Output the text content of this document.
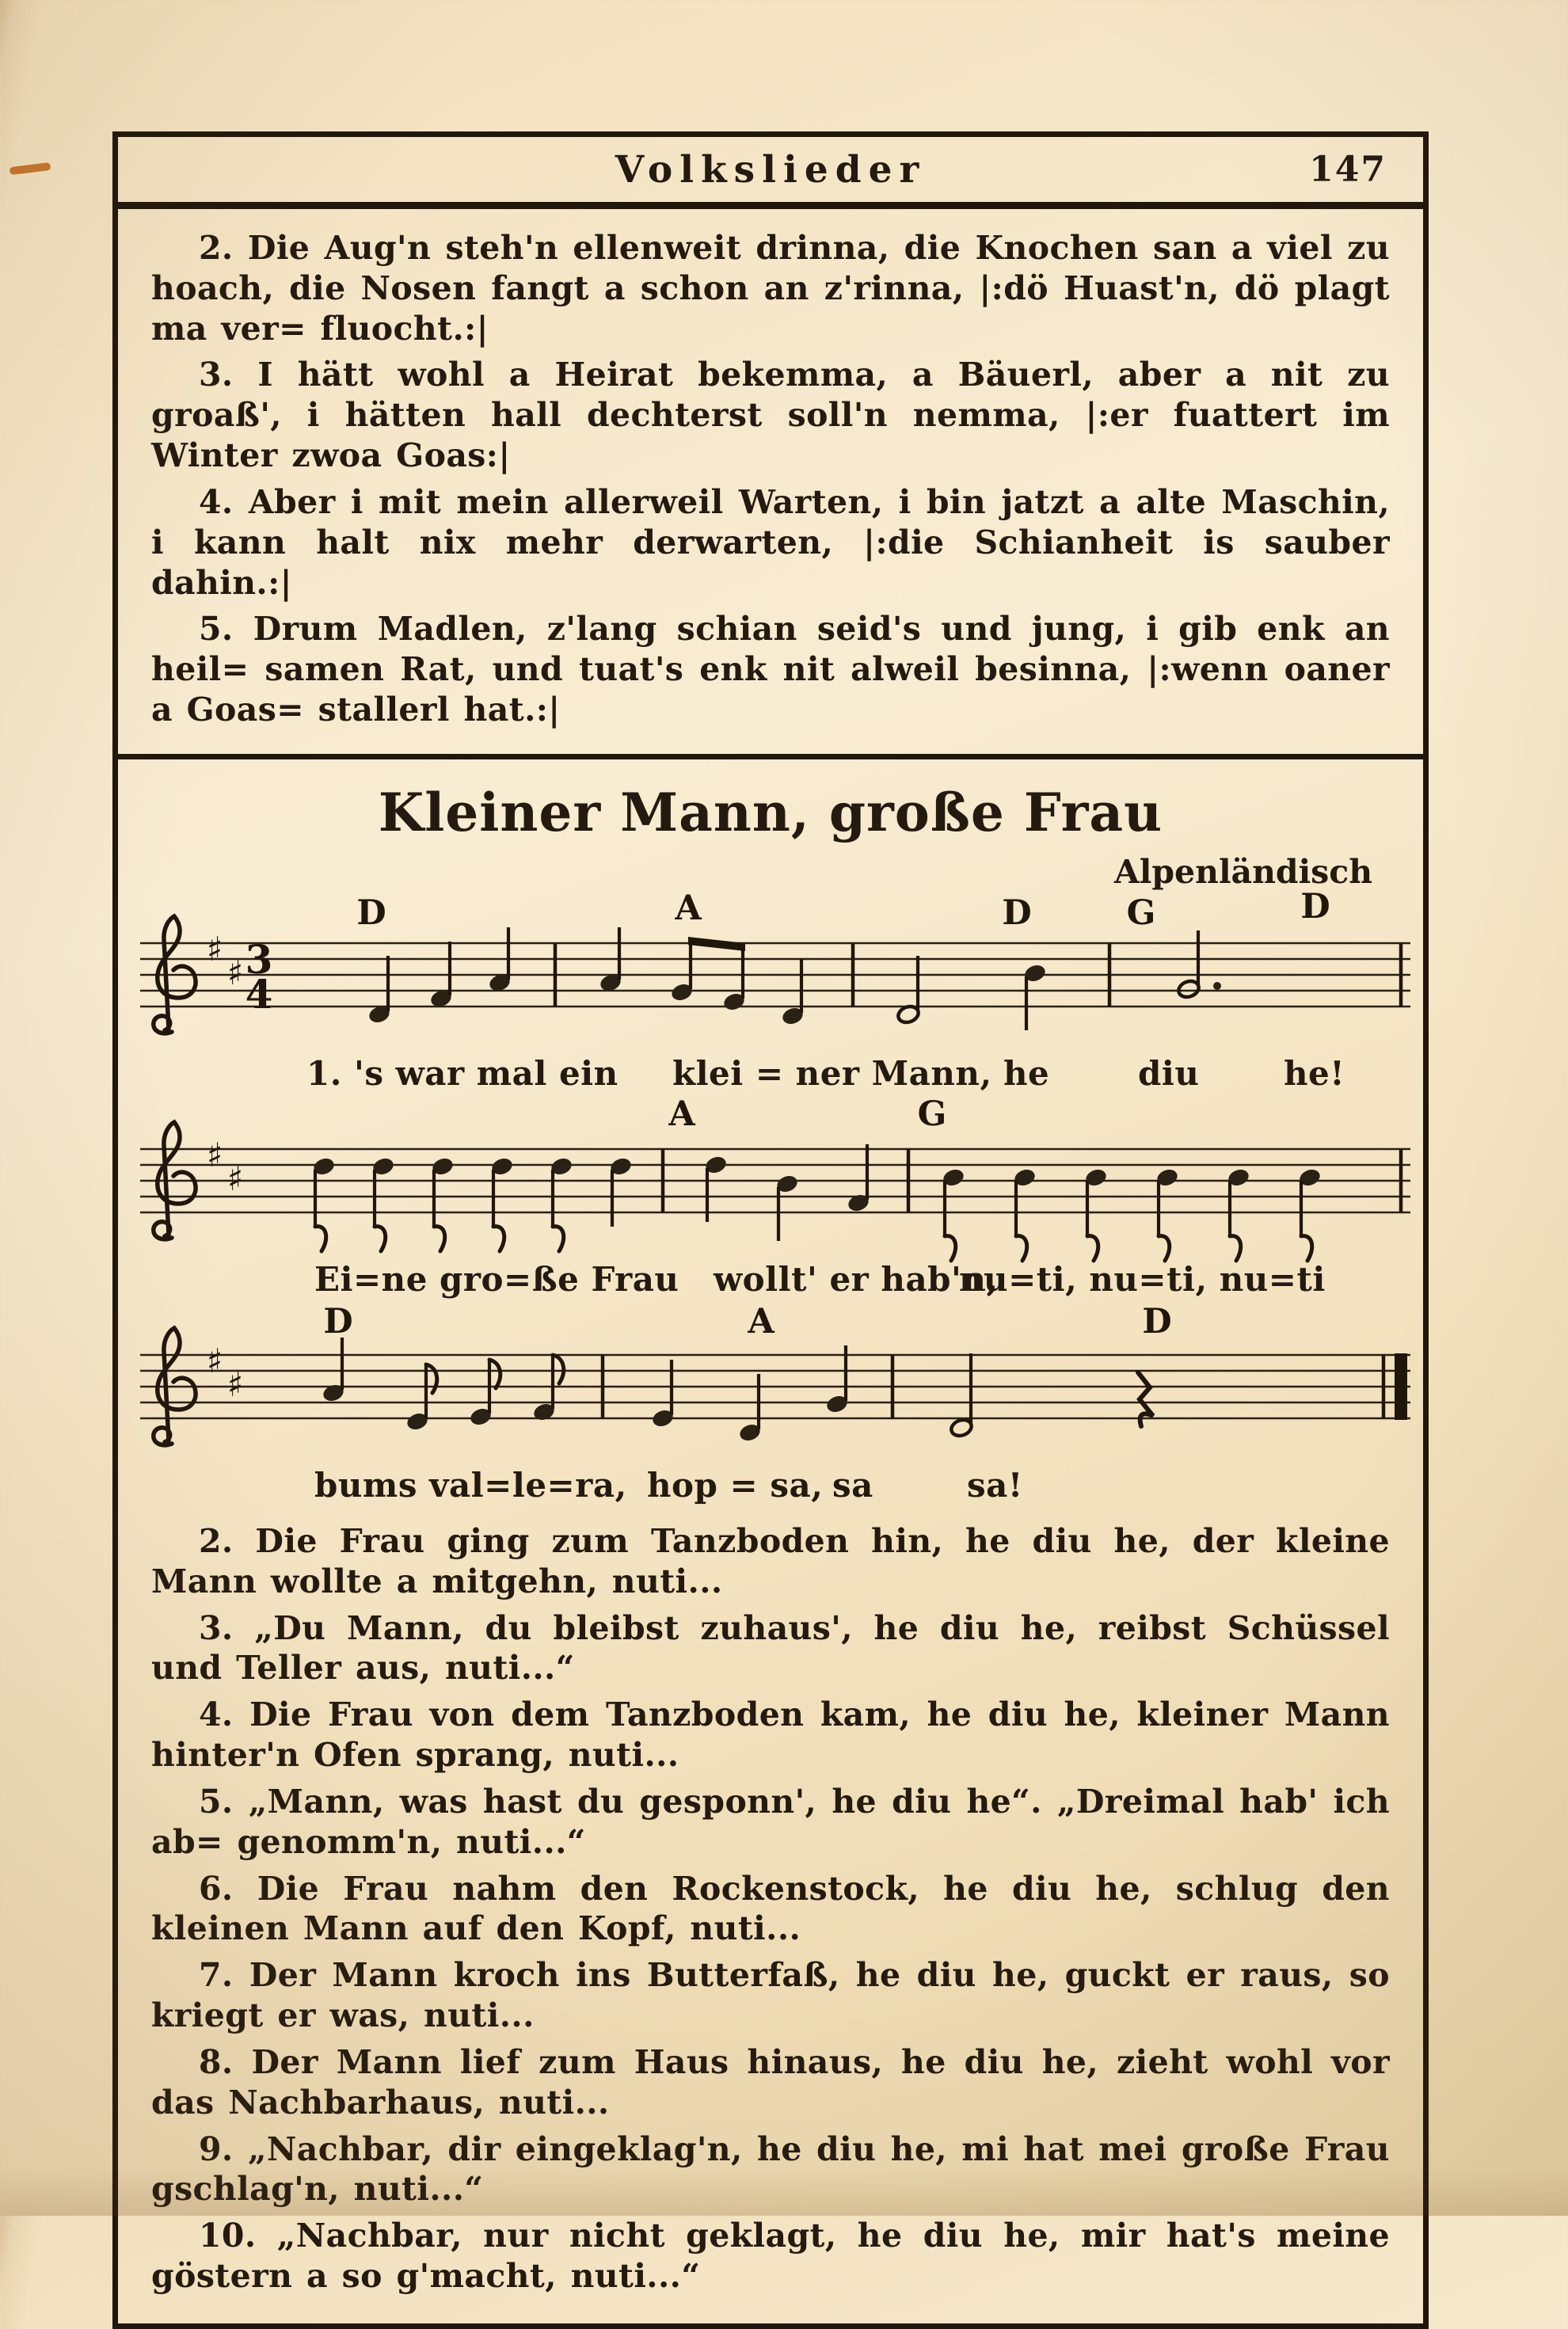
Volkslieder	147

2. Die Aug'n steh'n ellenweit drinna, die Knochen san a viel zu hoach, die Nosen fangt a schon an z'rinna, |:dö Huast'n, dö plagt ma ver= fluocht.:|

3. I hätt wohl a Heirat bekemma, a Bäuerl, aber a nit zu groaß', i hätten hall dechterst soll'n nemma, |:er fuattert im Winter zwoa Goas:|

4. Aber i mit mein allerweil Warten, i bin jatzt a alte Maschin, i kann halt nix mehr derwarten, |:die Schianheit is sauber dahin.:|

5. Drum Madlen, z'lang schian seid's und jung, i gib enk an heil= samen Rat, und tuat's enk nit alweil besinna, |:wenn oaner a Goas= stallerl hat.:|

Kleiner Mann, große Frau
Alpenländisch
♯
♯ 3
4
D	A	D	G	D
1. 's war mal ein klei = ner Mann, he	diu	he!
♯
♯
A	G
Ei=ne gro=ße Frau wollt' er hab'n,
nu=ti, nu=ti, nu=ti
♯
♯
D	A	D
bums val=le=ra, hop = sa, sa	sa!

2. Die Frau ging zum Tanzboden hin, he diu he, der kleine Mann wollte a mitgehn, nuti...

3. „Du Mann, du bleibst zuhaus', he diu he, reibst Schüssel und Teller aus, nuti...“

4. Die Frau von dem Tanzboden kam, he diu he, kleiner Mann hinter'n Ofen sprang, nuti...

5. „Mann, was hast du gesponn', he diu he“. „Dreimal hab' ich ab= genomm'n, nuti...“

6. Die Frau nahm den Rockenstock, he diu he, schlug den kleinen Mann auf den Kopf, nuti...

7. Der Mann kroch ins Butterfaß, he diu he, guckt er raus, so kriegt er was, nuti...

8. Der Mann lief zum Haus hinaus, he diu he, zieht wohl vor das Nachbarhaus, nuti...

9. „Nachbar, dir eingeklag'n, he diu he, mi hat mei große Frau gschlag'n, nuti...“

10. „Nachbar, nur nicht geklagt, he diu he, mir hat's meine göstern a so g'macht, nuti...“
